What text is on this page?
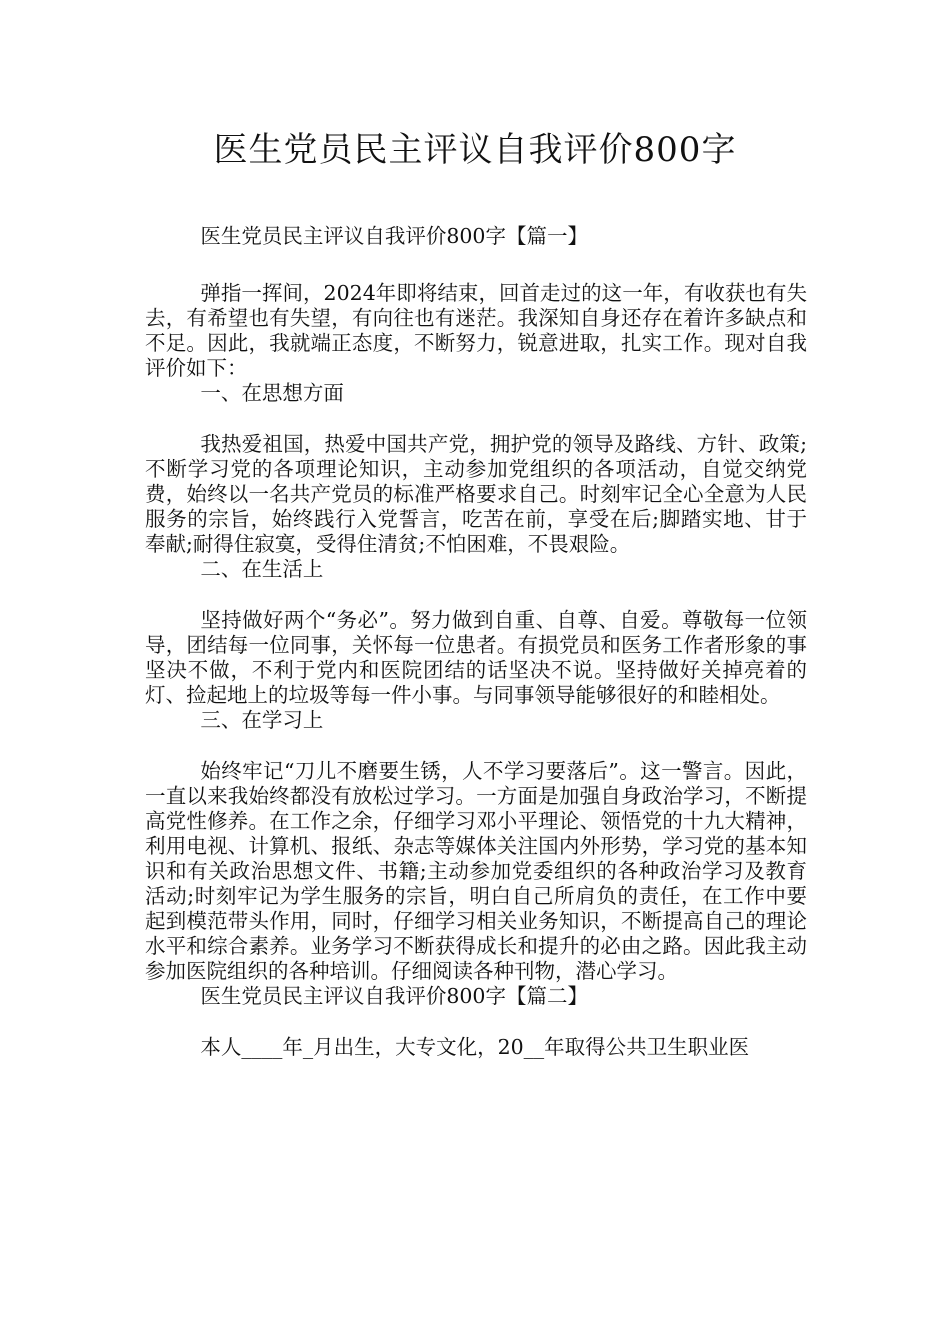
医生党员民主评议自我评价800字
医生党员民主评议自我评价800字【篇一】
弹指一挥间，2024年即将结束，回首走过的这一年，有收获也有失去，有希望也有失望，有向往也有迷茫。我深知自身还存在着许多缺点和不足。因此，我就端正态度，不断努力，锐意进取，扎实工作。现对自我评价如下：
一、在思想方面
我热爱祖国，热爱中国共产党，拥护党的领导及路线、方针、政策;不断学习党的各项理论知识，主动参加党组织的各项活动，自觉交纳党费，始终以一名共产党员的标准严格要求自己。时刻牢记全心全意为人民服务的宗旨，始终践行入党誓言，吃苦在前，享受在后;脚踏实地、甘于奉献;耐得住寂寞，受得住清贫;不怕困难，不畏艰险。
二、在生活上
坚持做好两个“务必”。努力做到自重、自尊、自爱。尊敬每一位领导，团结每一位同事，关怀每一位患者。有损党员和医务工作者形象的事坚决不做，不利于党内和医院团结的话坚决不说。坚持做好关掉亮着的灯、捡起地上的垃圾等每一件小事。与同事领导能够很好的和睦相处。
三、在学习上
始终牢记“刀儿不磨要生锈，人不学习要落后”。这一警言。因此，一直以来我始终都没有放松过学习。一方面是加强自身政治学习，不断提高党性修养。在工作之余，仔细学习邓小平理论、领悟党的十九大精神，利用电视、计算机、报纸、杂志等媒体关注国内外形势，学习党的基本知识和有关政治思想文件、书籍;主动参加党委组织的各种政治学习及教育活动;时刻牢记为学生服务的宗旨，明白自己所肩负的责任，在工作中要起到模范带头作用，同时，仔细学习相关业务知识，不断提高自己的理论水平和综合素养。业务学习不断获得成长和提升的必由之路。因此我主动参加医院组织的各种培训。仔细阅读各种刊物，潜心学习。
医生党员民主评议自我评价800字【篇二】
本人____年_月出生，大专文化，20__年取得公共卫生职业医
